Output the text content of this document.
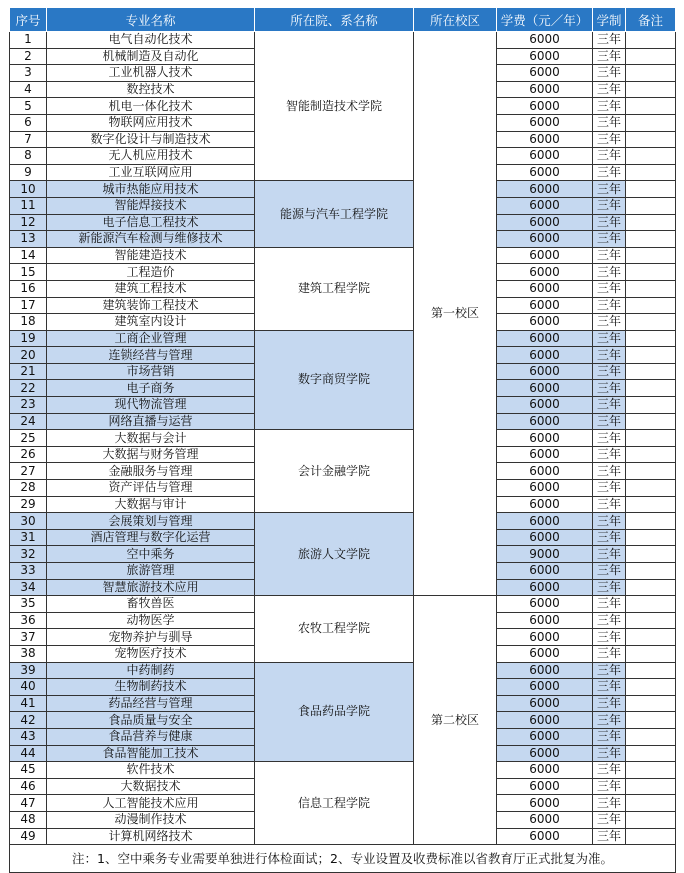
序号	专业名称	所在院、系名称	所在校区	学费（元／年）	学制	备注
1	电气自动化技术	智能制造技术学院	第一校区	6000	三年	
2	机械制造及自动化			6000	三年	
3	工业机器人技术			6000	三年	
4	数控技术			6000	三年	
5	机电一体化技术			6000	三年	
6	物联网应用技术			6000	三年	
7	数字化设计与制造技术			6000	三年	
8	无人机应用技术			6000	三年	
9	工业互联网应用			6000	三年	
10	城市热能应用技术	能源与汽车工程学院		6000	三年	
11	智能焊接技术			6000	三年	
12	电子信息工程技术			6000	三年	
13	新能源汽车检测与维修技术			6000	三年	
14	智能建造技术	建筑工程学院		6000	三年	
15	工程造价			6000	三年	
16	建筑工程技术			6000	三年	
17	建筑装饰工程技术			6000	三年	
18	建筑室内设计			6000	三年	
19	工商企业管理	数字商贸学院		6000	三年	
20	连锁经营与管理			6000	三年	
21	市场营销			6000	三年	
22	电子商务			6000	三年	
23	现代物流管理			6000	三年	
24	网络直播与运营			6000	三年	
25	大数据与会计	会计金融学院		6000	三年	
26	大数据与财务管理			6000	三年	
27	金融服务与管理			6000	三年	
28	资产评估与管理			6000	三年	
29	大数据与审计			6000	三年	
30	会展策划与管理	旅游人文学院		6000	三年	
31	酒店管理与数字化运营			6000	三年	
32	空中乘务			9000	三年	
33	旅游管理			6000	三年	
34	智慧旅游技术应用			6000	三年	
35	畜牧兽医	农牧工程学院	第二校区	6000	三年	
36	动物医学			6000	三年	
37	宠物养护与驯导			6000	三年	
38	宠物医疗技术			6000	三年	
39	中药制药	食品药品学院		6000	三年	
40	生物制药技术			6000	三年	
41	药品经营与管理			6000	三年	
42	食品质量与安全			6000	三年	
43	食品营养与健康			6000	三年	
44	食品智能加工技术			6000	三年	
45	软件技术	信息工程学院		6000	三年	
46	大数据技术			6000	三年	
47	人工智能技术应用			6000	三年	
48	动漫制作技术			6000	三年	
49	计算机网络技术			6000	三年	
注：1、空中乘务专业需要单独进行体检面试；2、专业设置及收费标准以省教育厅正式批复为准。						
